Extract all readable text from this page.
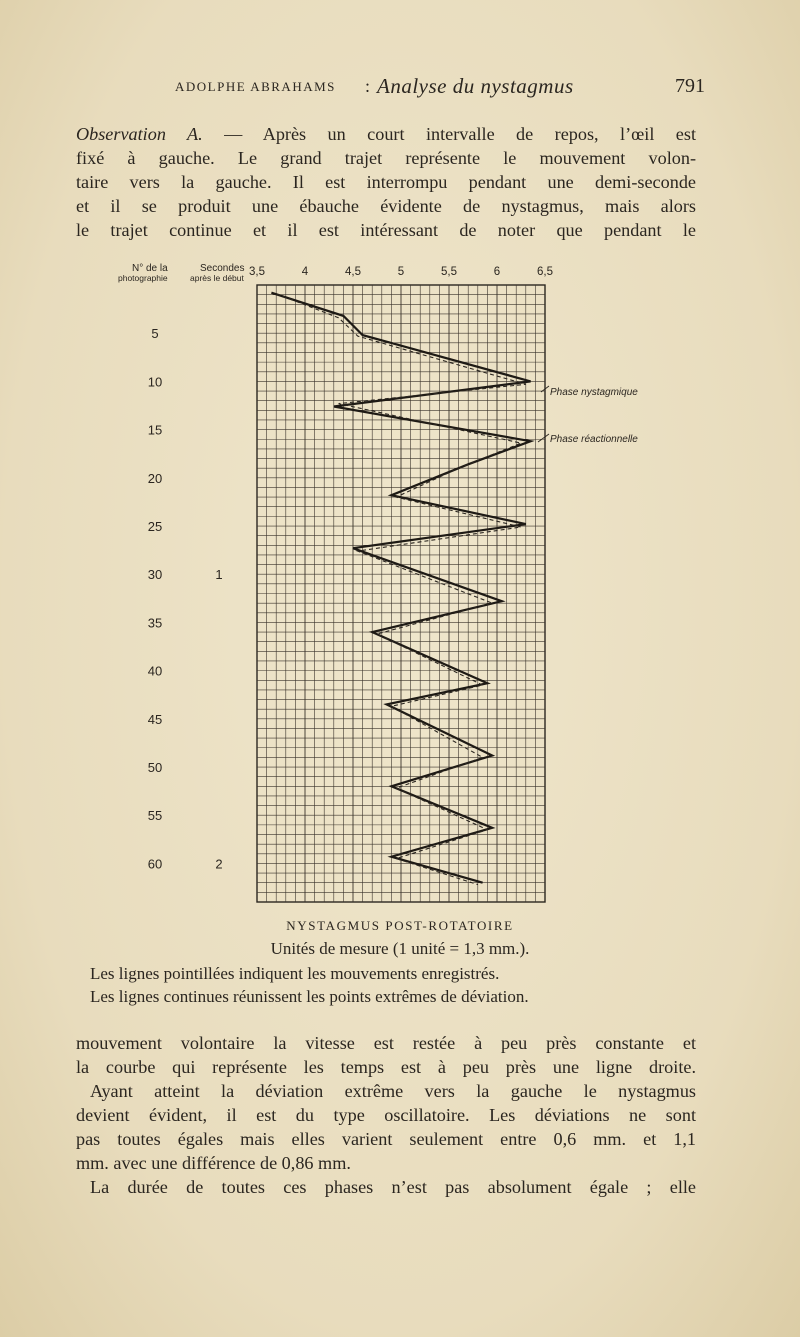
ADOLPHE ABRAHAMS : Analyse du nystagmus	791
Observation A. — Après un court intervalle de repos, l’œil est
fixé à gauche. Le grand trajet représente le mouvement volon-
taire vers la gauche. Il est interrompu pendant une demi-seconde
et il se produit une ébauche évidente de nystagmus, mais alors
le trajet continue et il est intéressant de noter que pendant le
N° de la
photographie
Secondes
après le début 3,5	4	4,5	5	5,5	6	6,5
5
10
15
20
25
30
35
40
45
50
55
60
1
2
Phase nystagmique
Phase réactionnelle
NYSTAGMUS POST-ROTATOIRE
Unités de mesure (1 unité = 1,3 mm.).
Les lignes pointillées indiquent les mouvements enregistrés.
Les lignes continues réunissent les points extrêmes de déviation.
mouvement volontaire la vitesse est restée à peu près constante et
la courbe qui représente les temps est à peu près une ligne droite.
Ayant atteint la déviation extrême vers la gauche le nystagmus
devient évident, il est du type oscillatoire. Les déviations ne sont
pas toutes égales mais elles varient seulement entre 0,6 mm. et 1,1
mm. avec une différence de 0,86 mm.
La durée de toutes ces phases n’est pas absolument égale ; elle
